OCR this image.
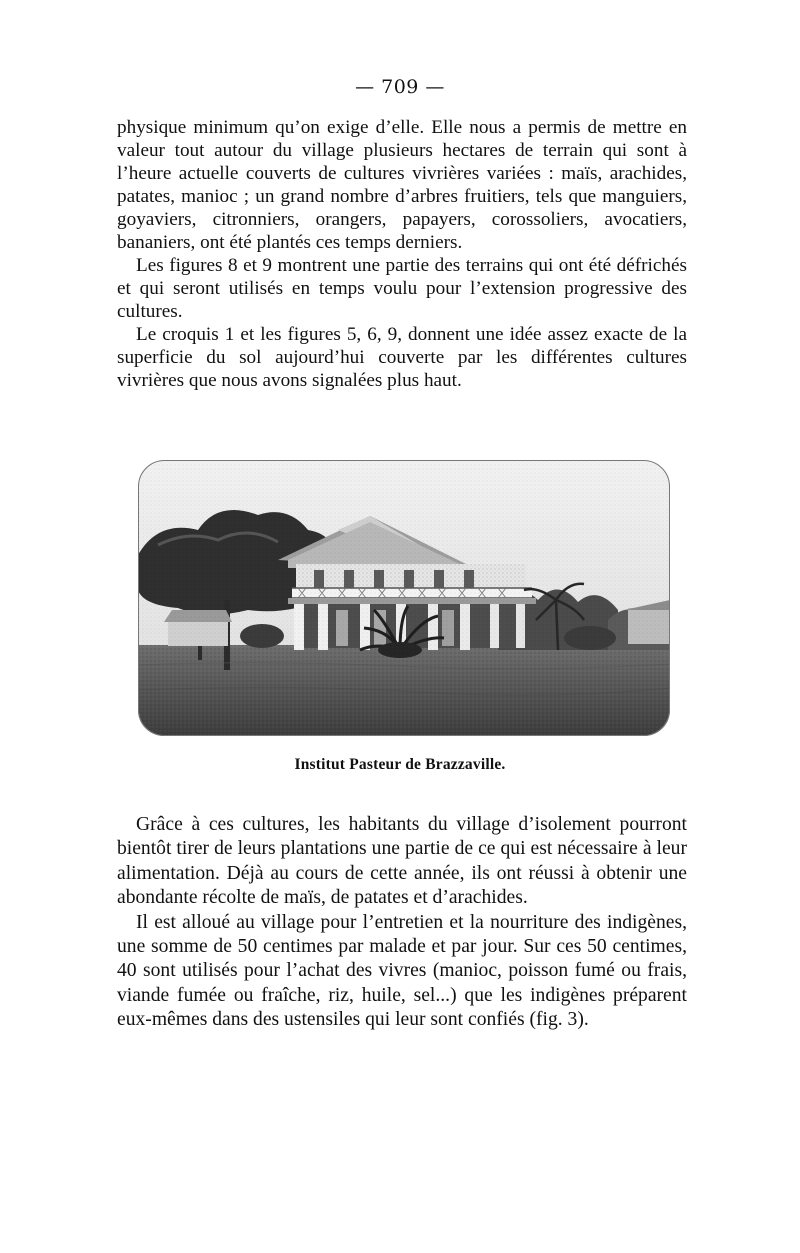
— 709 —

physique minimum qu’on exige d’elle. Elle nous a permis de mettre en valeur tout autour du village plusieurs hectares de terrain qui sont à l’heure actuelle couverts de cultures vivrières variées : maïs, arachides, patates, manioc ; un grand nombre d’arbres fruitiers, tels que manguiers, goyaviers, citronniers, orangers, papayers, corossoliers, avocatiers, bananiers, ont été plantés ces temps derniers.

Les figures 8 et 9 montrent une partie des terrains qui ont été défrichés et qui seront utilisés en temps voulu pour l’extension progressive des cultures.

Le croquis 1 et les figures 5, 6, 9, donnent une idée assez exacte de la superficie du sol aujourd’hui couverte par les différentes cultures vivrières que nous avons signalées plus haut.

Institut Pasteur de Brazzaville.

Grâce à ces cultures, les habitants du village d’isolement pourront bientôt tirer de leurs plantations une partie de ce qui est nécessaire à leur alimentation. Déjà au cours de cette année, ils ont réussi à obtenir une abondante récolte de maïs, de patates et d’arachides.

Il est alloué au village pour l’entretien et la nourriture des indigènes, une somme de 50 centimes par malade et par jour. Sur ces 50 centimes, 40 sont utilisés pour l’achat des vivres (manioc, poisson fumé ou frais, viande fumée ou fraîche, riz, huile, sel...) que les indigènes préparent eux-mêmes dans des ustensiles qui leur sont confiés (fig. 3).
